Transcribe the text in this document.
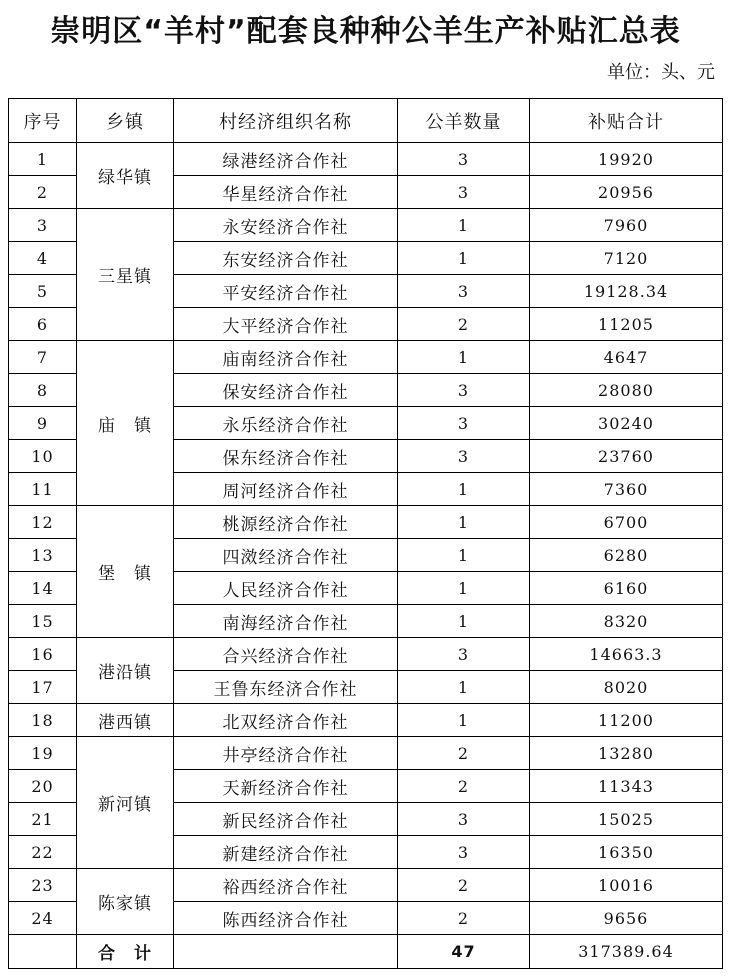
崇明区“羊村”配套良种种公羊生产补贴汇总表
单位：头、元
序号	乡镇	村经济组织名称	公羊数量	补贴合计
1	绿华镇	绿港经济合作社	3	19920
2		华星经济合作社	3	20956
3	三星镇	永安经济合作社	1	7960
4		东安经济合作社	1	7120
5		平安经济合作社	3	19128.34
6		大平经济合作社	2	11205
7	庙　镇	庙南经济合作社	1	4647
8		保安经济合作社	3	28080
9		永乐经济合作社	3	30240
10		保东经济合作社	3	23760
11		周河经济合作社	1	7360
12	堡　镇	桃源经济合作社	1	6700
13		四滧经济合作社	1	6280
14		人民经济合作社	1	6160
15		南海经济合作社	1	8320
16	港沿镇	合兴经济合作社	3	14663.3
17		王鲁东经济合作社	1	8020
18	港西镇	北双经济合作社	1	11200
19	新河镇	井亭经济合作社	2	13280
20		天新经济合作社	2	11343
21		新民经济合作社	3	15025
22		新建经济合作社	3	16350
23	陈家镇	裕西经济合作社	2	10016
24		陈西经济合作社	2	9656
	合　计		47	317389.64
